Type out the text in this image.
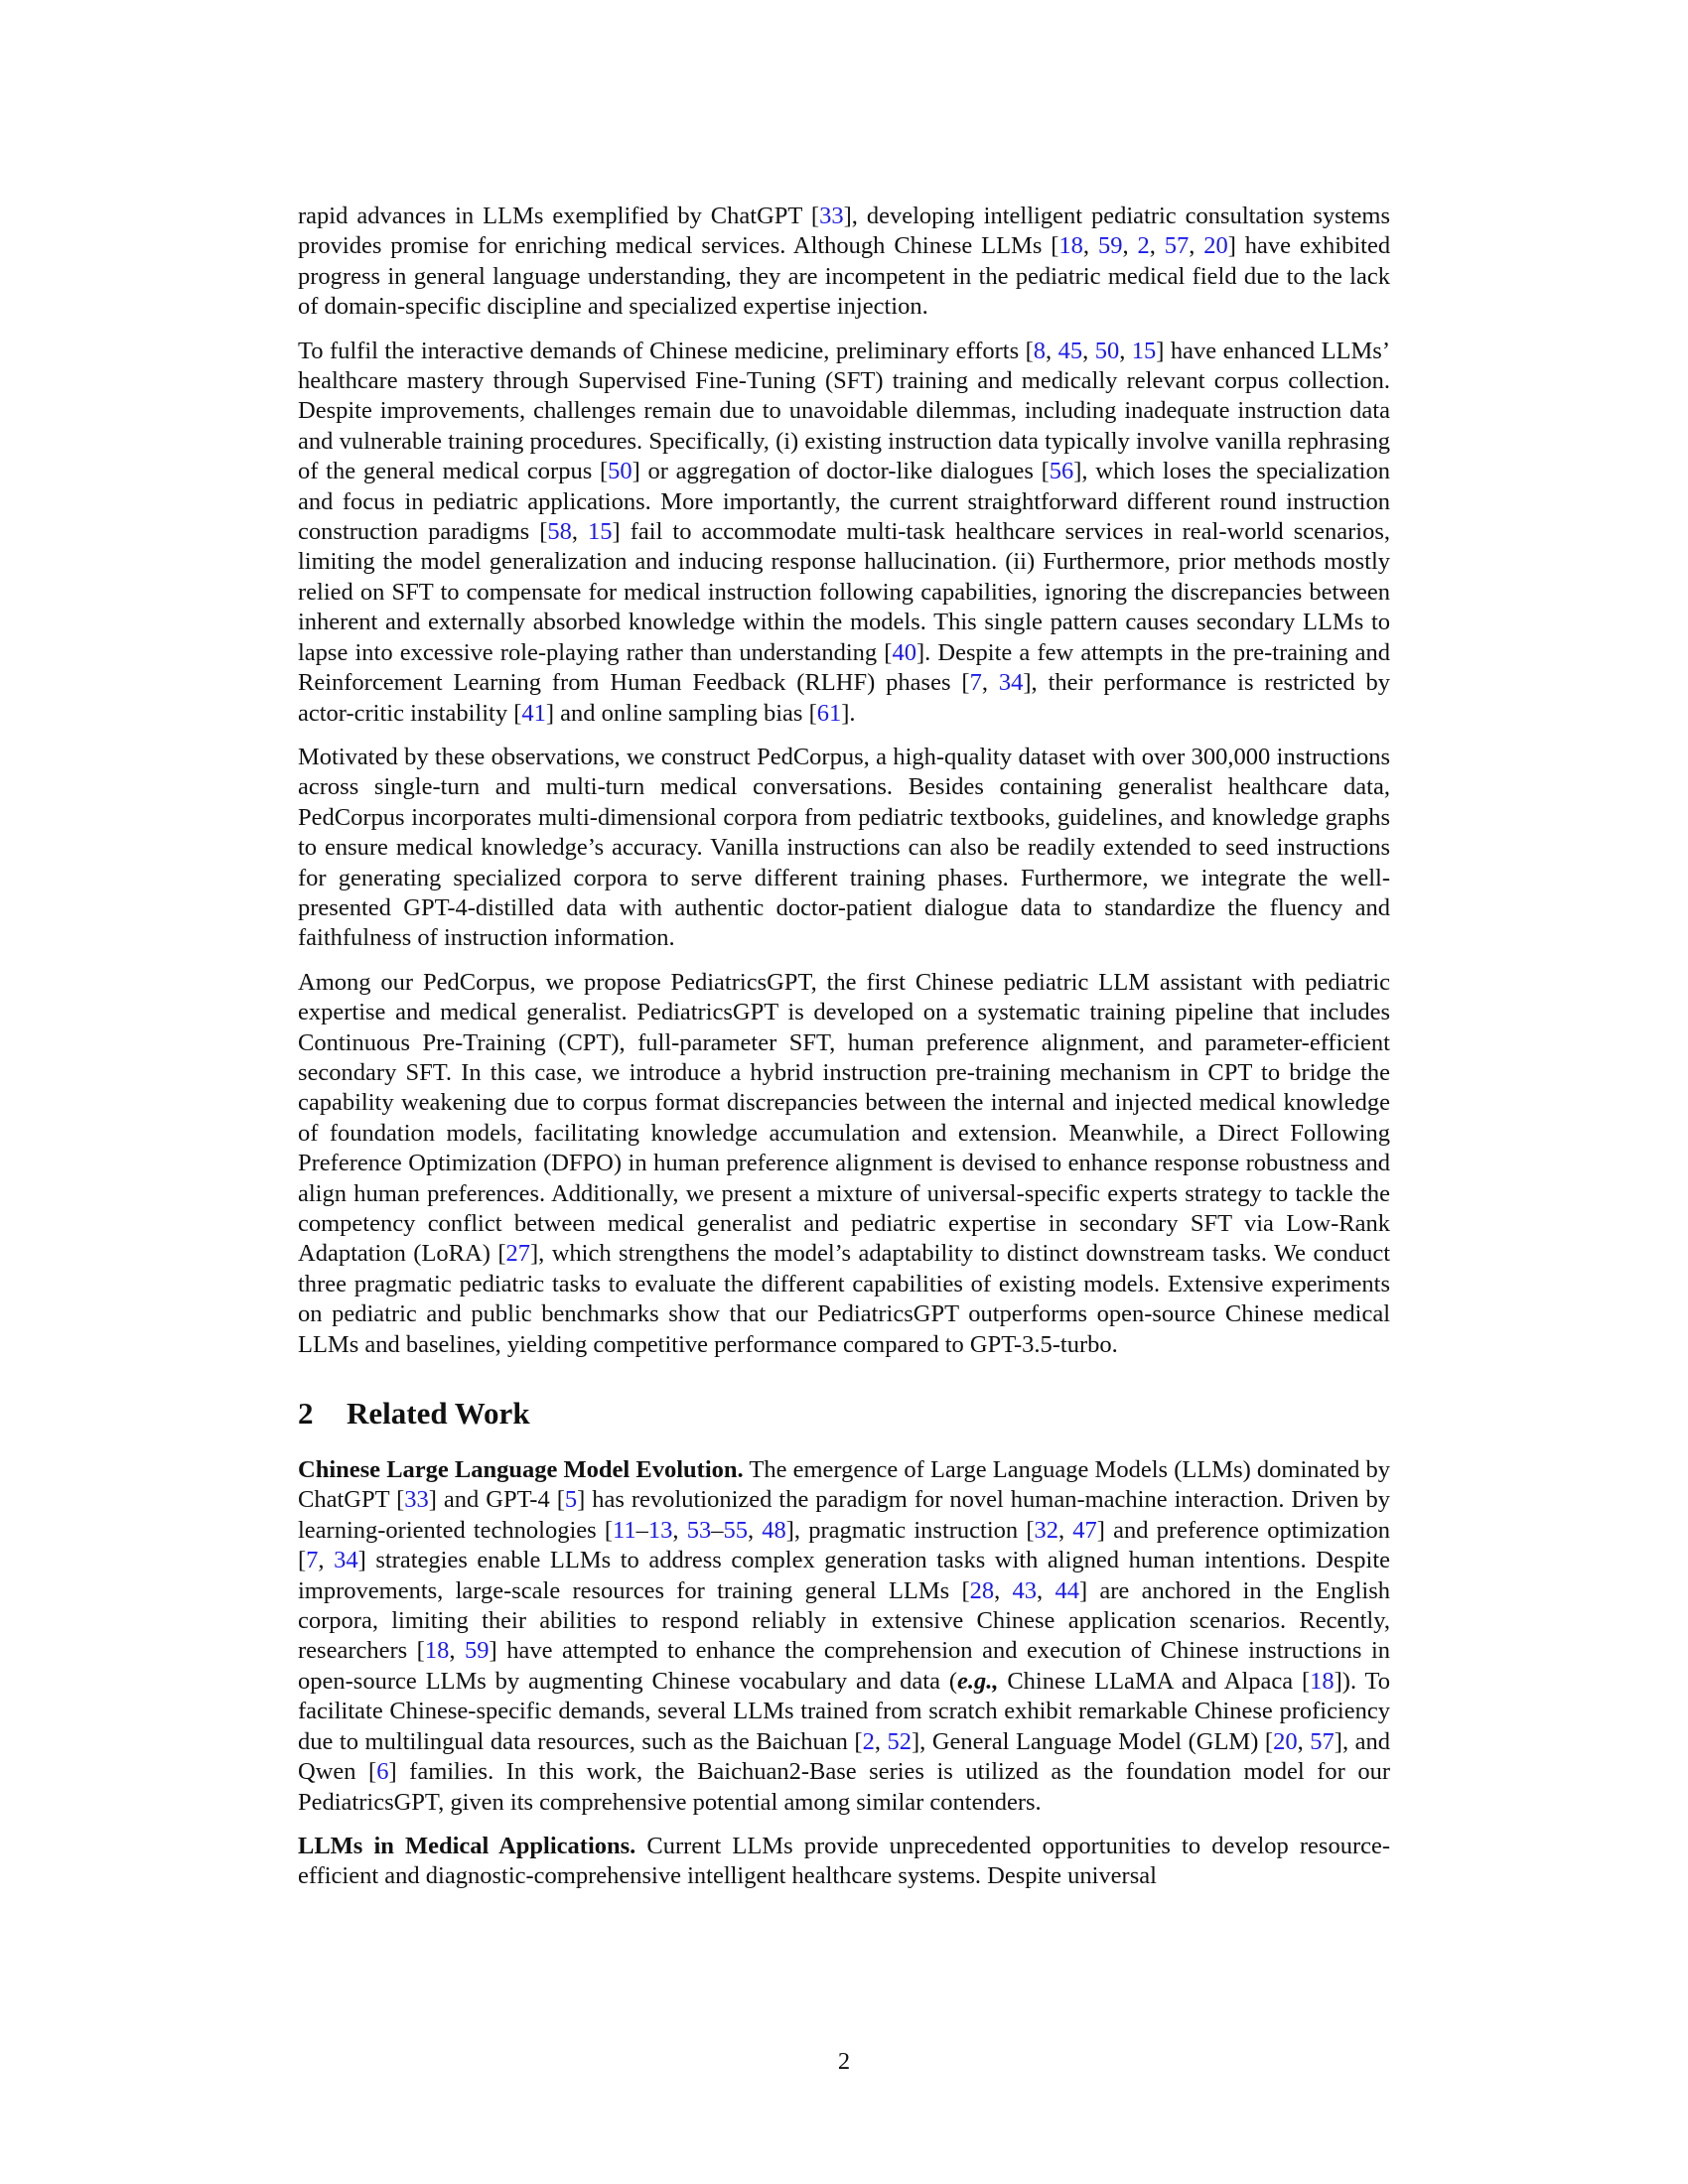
rapid advances in LLMs exemplified by ChatGPT [33], developing intelligent pediatric consultation systems provides promise for enriching medical services. Although Chinese LLMs [18, 59, 2, 57, 20] have exhibited progress in general language understanding, they are incompetent in the pediatric medical field due to the lack of domain-specific discipline and specialized expertise injection.

To fulfil the interactive demands of Chinese medicine, preliminary efforts [8, 45, 50, 15] have enhanced LLMs’ healthcare mastery through Supervised Fine-Tuning (SFT) training and medically relevant corpus collection. Despite improvements, challenges remain due to unavoidable dilemmas, including inadequate instruction data and vulnerable training procedures. Specifically, (i) existing instruction data typically involve vanilla rephrasing of the general medical corpus [50] or aggregation of doctor-like dialogues [56], which loses the specialization and focus in pediatric applications. More importantly, the current straightforward different round instruction construction paradigms [58, 15] fail to accommodate multi-task healthcare services in real-world scenarios, limiting the model generalization and inducing response hallucination. (ii) Furthermore, prior methods mostly relied on SFT to compensate for medical instruction following capabilities, ignoring the discrepancies between inherent and externally absorbed knowledge within the models. This single pattern causes secondary LLMs to lapse into excessive role-playing rather than understanding [40]. Despite a few attempts in the pre-training and Reinforcement Learning from Human Feedback (RLHF) phases [7, 34], their performance is restricted by actor-critic instability [41] and online sampling bias [61].

Motivated by these observations, we construct PedCorpus, a high-quality dataset with over 300,000 instructions across single-turn and multi-turn medical conversations. Besides containing generalist healthcare data, PedCorpus incorporates multi-dimensional corpora from pediatric textbooks, guidelines, and knowledge graphs to ensure medical knowledge’s accuracy. Vanilla instructions can also be readily extended to seed instructions for generating specialized corpora to serve different training phases. Furthermore, we integrate the well-presented GPT-4-distilled data with authentic doctor-patient dialogue data to standardize the fluency and faithfulness of instruction information.

Among our PedCorpus, we propose PediatricsGPT, the first Chinese pediatric LLM assistant with pediatric expertise and medical generalist. PediatricsGPT is developed on a systematic training pipeline that includes Continuous Pre-Training (CPT), full-parameter SFT, human preference alignment, and parameter-efficient secondary SFT. In this case, we introduce a hybrid instruction pre-training mechanism in CPT to bridge the capability weakening due to corpus format discrepancies between the internal and injected medical knowledge of foundation models, facilitating knowledge accumulation and extension. Meanwhile, a Direct Following Preference Optimization (DFPO) in human preference alignment is devised to enhance response robustness and align human preferences. Additionally, we present a mixture of universal-specific experts strategy to tackle the competency conflict between medical generalist and pediatric expertise in secondary SFT via Low-Rank Adaptation (LoRA) [27], which strengthens the model’s adaptability to distinct downstream tasks. We conduct three pragmatic pediatric tasks to evaluate the different capabilities of existing models. Extensive experiments on pediatric and public benchmarks show that our PediatricsGPT outperforms open-source Chinese medical LLMs and baselines, yielding competitive performance compared to GPT-3.5-turbo.

2 Related Work

Chinese Large Language Model Evolution. The emergence of Large Language Models (LLMs) dominated by ChatGPT [33] and GPT-4 [5] has revolutionized the paradigm for novel human-machine interaction. Driven by learning-oriented technologies [11–13, 53–55, 48], pragmatic instruction [32, 47] and preference optimization [7, 34] strategies enable LLMs to address complex generation tasks with aligned human intentions. Despite improvements, large-scale resources for training general LLMs [28, 43, 44] are anchored in the English corpora, limiting their abilities to respond reliably in extensive Chinese application scenarios. Recently, researchers [18, 59] have attempted to enhance the comprehension and execution of Chinese instructions in open-source LLMs by augmenting Chinese vocabulary and data (e.g., Chinese LLaMA and Alpaca [18]). To facilitate Chinese-specific demands, several LLMs trained from scratch exhibit remarkable Chinese proficiency due to multilingual data resources, such as the Baichuan [2, 52], General Language Model (GLM) [20, 57], and Qwen [6] families. In this work, the Baichuan2-Base series is utilized as the foundation model for our PediatricsGPT, given its comprehensive potential among similar contenders.

LLMs in Medical Applications. Current LLMs provide unprecedented opportunities to develop resource-efficient and diagnostic-comprehensive intelligent healthcare systems. Despite universal

2
